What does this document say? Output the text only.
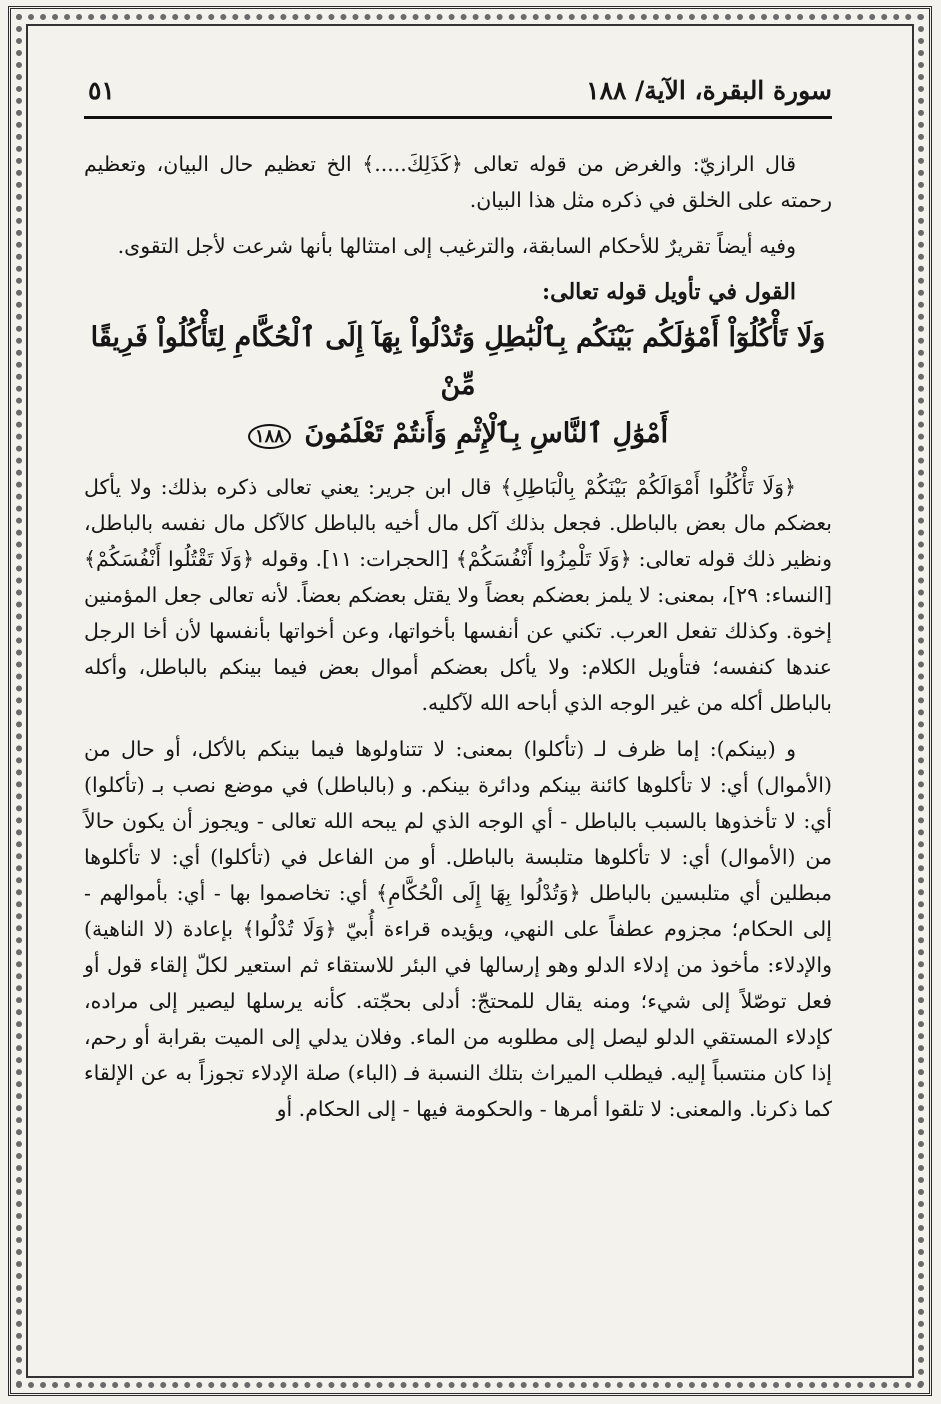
سورة البقرة، الآية/ ١٨٨
٥١

قال الرازيّ: والغرض من قوله تعالى ﴿كَذَلِكَ.....﴾ الخ تعظيم حال البيان، وتعظيم رحمته على الخلق في ذكره مثل هذا البيان.

وفيه أيضاً تقريرٌ للأحكام السابقة، والترغيب إلى امتثالها بأنها شرعت لأجل التقوى.

القول في تأويل قوله تعالى:
وَلَا تَأْكُلُوٓاْ أَمْوَٰلَكُم بَيْنَكُم بِٱلْبَٰطِلِ وَتُدْلُواْ بِهَآ إِلَى ٱلْحُكَّامِ لِتَأْكُلُواْ فَرِيقًا مِّنْ
أَمْوَٰلِ ٱلنَّاسِ بِٱلْإِثْمِ وَأَنتُمْ تَعْلَمُونَ ١٨٨

﴿وَلَا تَأْكُلُوا أَمْوَالَكُمْ بَيْنَكُمْ بِالْبَاطِلِ﴾ قال ابن جرير: يعني تعالى ذكره بذلك: ولا يأكل بعضكم مال بعض بالباطل. فجعل بذلك آكل مال أخيه بالباطل كالآكل مال نفسه بالباطل، ونظير ذلك قوله تعالى: ﴿وَلَا تَلْمِزُوا أَنْفُسَكُمْ﴾ [الحجرات: ١١]. وقوله ﴿وَلَا تَقْتُلُوا أَنْفُسَكُمْ﴾ [النساء: ٢٩]، بمعنى: لا يلمز بعضكم بعضاً ولا يقتل بعضكم بعضاً. لأنه تعالى جعل المؤمنين إخوة. وكذلك تفعل العرب. تكني عن أنفسها بأخواتها، وعن أخواتها بأنفسها لأن أخا الرجل عندها كنفسه؛ فتأويل الكلام: ولا يأكل بعضكم أموال بعض فيما بينكم بالباطل، وأكله بالباطل أكله من غير الوجه الذي أباحه الله لآكليه.

و (بينكم): إما ظرف لـ (تأكلوا) بمعنى: لا تتناولوها فيما بينكم بالأكل، أو حال من (الأموال) أي: لا تأكلوها كائنة بينكم ودائرة بينكم. و (بالباطل) في موضع نصب بـ (تأكلوا) أي: لا تأخذوها بالسبب بالباطل - أي الوجه الذي لم يبحه الله تعالى - ويجوز أن يكون حالاً من (الأموال) أي: لا تأكلوها متلبسة بالباطل. أو من الفاعل في (تأكلوا) أي: لا تأكلوها مبطلين أي متلبسين بالباطل ﴿وَتُدْلُوا بِهَا إِلَى الْحُكَّامِ﴾ أي: تخاصموا بها - أي: بأموالهم - إلى الحكام؛ مجزوم عطفاً على النهي، ويؤيده قراءة أُبيّ ﴿وَلَا تُدْلُوا﴾ بإعادة (لا الناهية) والإدلاء: مأخوذ من إدلاء الدلو وهو إرسالها في البئر للاستقاء ثم استعير لكلّ إلقاء قول أو فعل توصّلاً إلى شيء؛ ومنه يقال للمحتجّ: أدلى بحجّته. كأنه يرسلها ليصير إلى مراده، كإدلاء المستقي الدلو ليصل إلى مطلوبه من الماء. وفلان يدلي إلى الميت بقرابة أو رحم، إذا كان منتسباً إليه. فيطلب الميراث بتلك النسبة فـ (الباء) صلة الإدلاء تجوزاً به عن الإلقاء كما ذكرنا. والمعنى: لا تلقوا أمرها - والحكومة فيها - إلى الحكام. أو
